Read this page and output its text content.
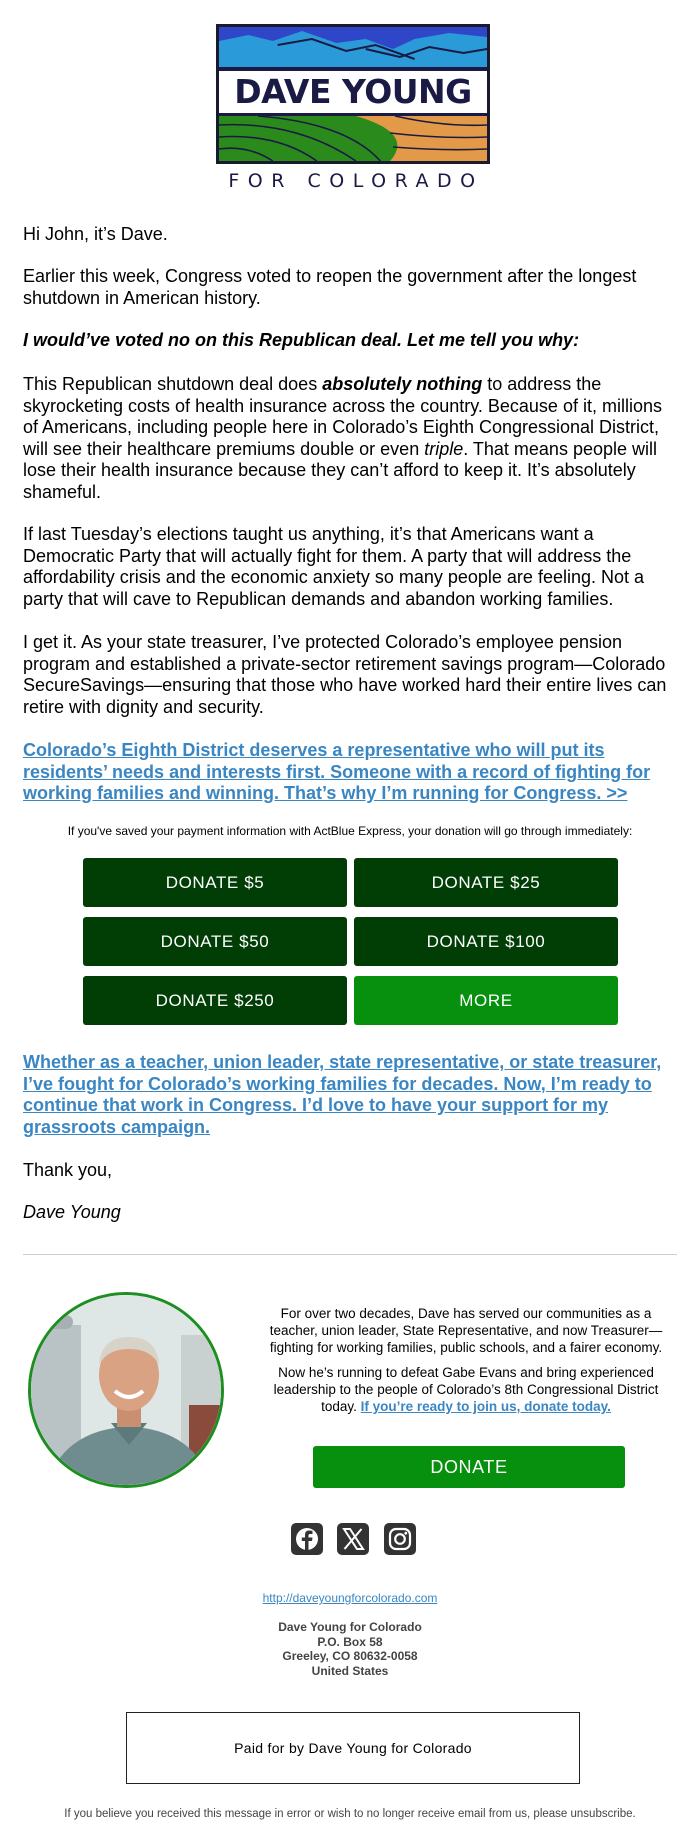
DAVE YOUNG
FOR COLORADO
Hi John, it’s Dave.
Earlier this week, Congress voted to reopen the government after the longest shutdown in American history.
I would’ve voted no on this Republican deal. Let me tell you why:
This Republican shutdown deal does absolutely nothing to address the skyrocketing costs of health insurance across the country. Because of it, millions of Americans, including people here in Colorado’s Eighth Congressional District, will see their healthcare premiums double or even triple. That means people will lose their health insurance because they can’t afford to keep it. It’s absolutely shameful.
If last Tuesday’s elections taught us anything, it’s that Americans want a Democratic Party that will actually fight for them. A party that will address the affordability crisis and the economic anxiety so many people are feeling. Not a party that will cave to Republican demands and abandon working families.
I get it. As your state treasurer, I’ve protected Colorado’s employee pension program and established a private-sector retirement savings program—Colorado SecureSavings—ensuring that those who have worked hard their entire lives can retire with dignity and security.
Colorado’s Eighth District deserves a representative who will put its residents’ needs and interests first. Someone with a record of fighting for working families and winning. That’s why I’m running for Congress. >>
If you've saved your payment information with ActBlue Express, your donation will go through immediately:
DONATE $5	DONATE $25
DONATE $50	DONATE $100
DONATE $250	MORE
Whether as a teacher, union leader, state representative, or state treasurer, I’ve fought for Colorado’s working families for decades. Now, I’m ready to continue that work in Congress. I’d love to have your support for my grassroots campaign.
Thank you,
Dave Young
For over two decades, Dave has served our communities as a teacher, union leader, State Representative, and now Treasurer—fighting for working families, public schools, and a fairer economy.
Now he’s running to defeat Gabe Evans and bring experienced leadership to the people of Colorado’s 8th Congressional District today. If you’re ready to join us, donate today.
DONATE
http://daveyoungforcolorado.com
Dave Young for Colorado
P.O. Box 58
Greeley, CO 80632-0058
United States
Paid for by Dave Young for Colorado
If you believe you received this message in error or wish to no longer receive email from us, please unsubscribe.
